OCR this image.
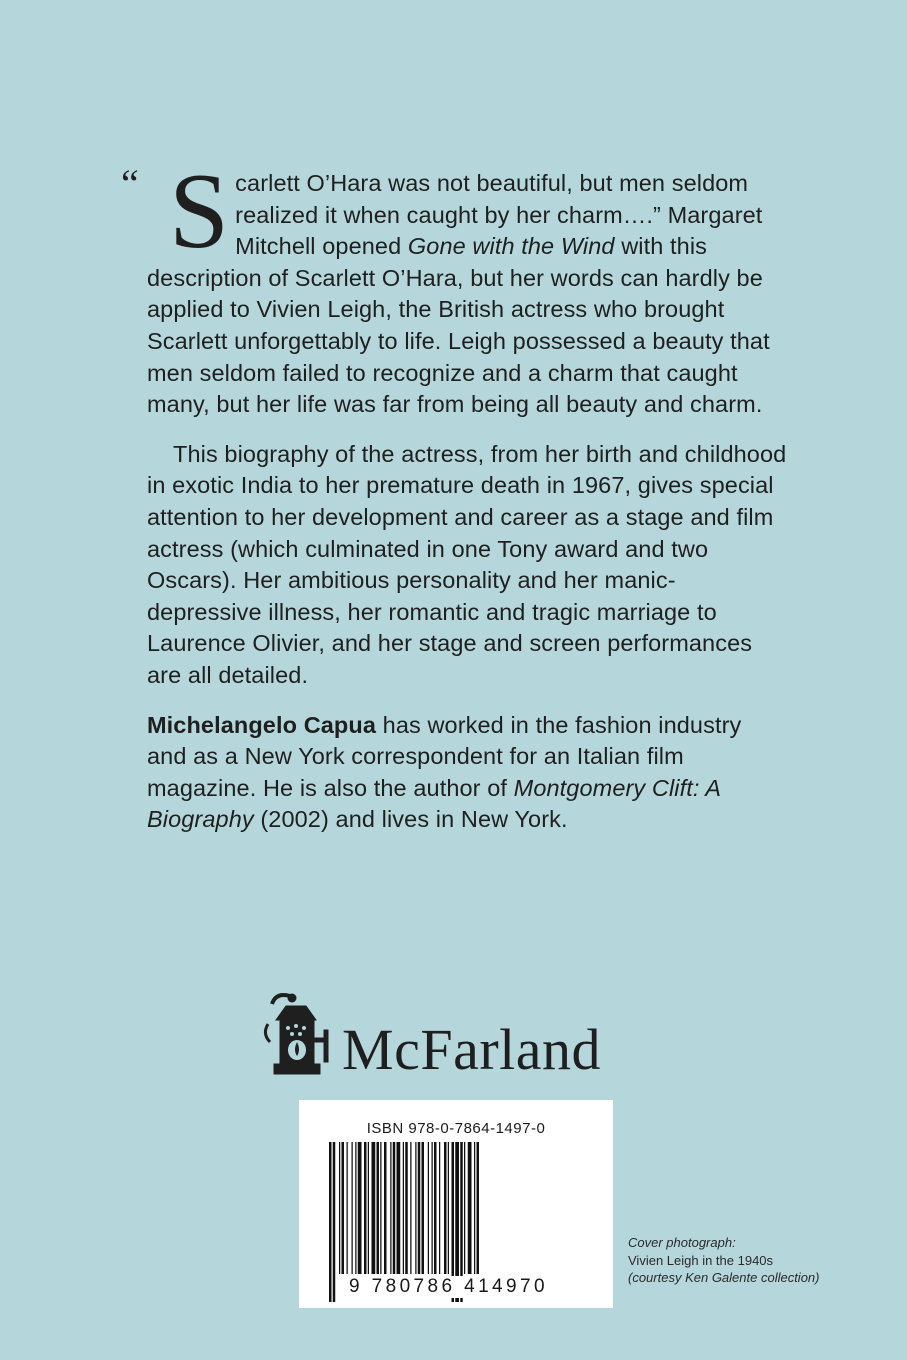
“ S carlett O’Hara was not beautiful, but men seldom realized it when caught by her charm….” Margaret Mitchell opened Gone with the Wind with this description of Scarlett O’Hara, but her words can hardly be applied to Vivien Leigh, the British actress who brought Scarlett unforgettably to life. Leigh possessed a beauty that men seldom failed to recognize and a charm that caught many, but her life was far from being all beauty and charm.

This biography of the actress, from her birth and childhood in exotic India to her premature death in 1967, gives special attention to her development and career as a stage and film actress (which culminated in one Tony award and two Oscars). Her ambitious personality and her manic-depressive illness, her romantic and tragic marriage to Laurence Olivier, and her stage and screen performances are all detailed.

Michelangelo Capua has worked in the fashion industry and as a New York correspondent for an Italian film magazine. He is also the author of Montgomery Clift: A Biography (2002) and lives in New York.

McFarland
ISBN 978-0-7864-1497-0
9 780786 414970
Cover photograph:
Vivien Leigh in the 1940s
(courtesy Ken Galente collection)
